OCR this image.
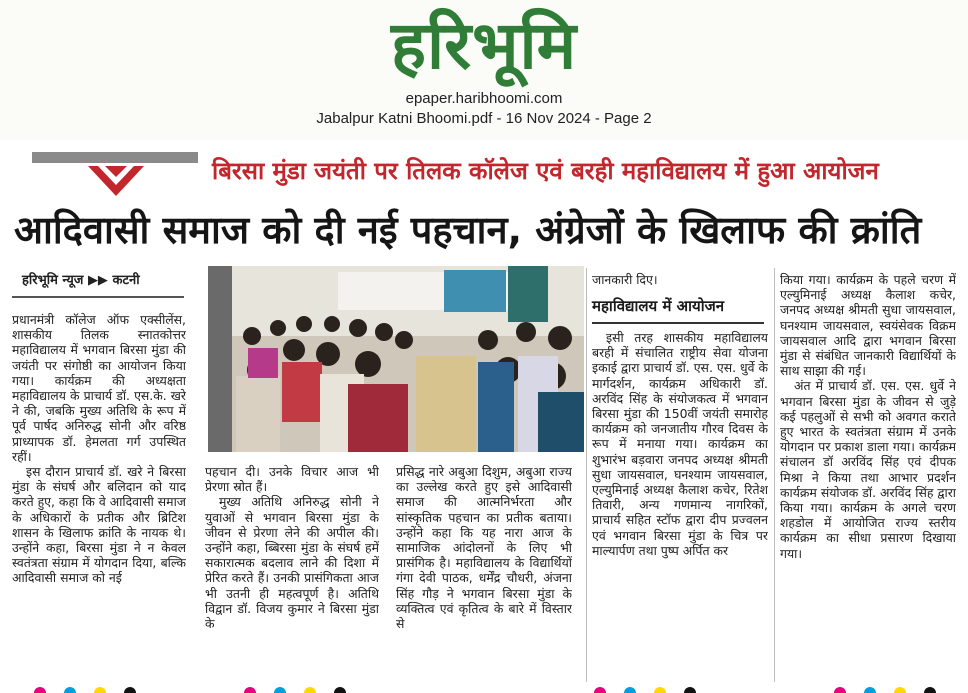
हरिभूमि
epaper.haribhoomi.com
Jabalpur Katni Bhoomi.pdf - 16 Nov 2024 - Page 2
बिरसा मुंडा जयंती पर तिलक कॉलेज एवं बरही महाविद्यालय में हुआ आयोजन
आदिवासी समाज को दी नई पहचान, अंग्रेजों के खिलाफ की क्रांति
हरिभूमि न्यूज ▶▶ कटनी

प्रधानमंत्री कॉलेज ऑफ एक्सीलेंस, शासकीय तिलक स्नातकोत्तर महाविद्यालय में भगवान बिरसा मुंडा की जयंती पर संगोष्ठी का आयोजन किया गया। कार्यक्रम की अध्यक्षता महाविद्यालय के प्राचार्य डॉ. एस.के. खरे ने की, जबकि मुख्य अतिथि के रूप में पूर्व पार्षद अनिरुद्ध सोनी और वरिष्ठ प्राध्यापक डॉ. हेमलता गर्ग उपस्थित रहीं।

इस दौरान प्राचार्य डॉ. खरे ने बिरसा मुंडा के संघर्ष और बलिदान को याद करते हुए, कहा कि वे आदिवासी समाज के अधिकारों के प्रतीक और ब्रिटिश शासन के खिलाफ क्रांति के नायक थे। उन्होंने कहा, बिरसा मुंडा ने न केवल स्वतंत्रता संग्राम में योगदान दिया, बल्कि आदिवासी समाज को नई

पहचान दी। उनके विचार आज भी प्रेरणा स्रोत हैं।

मुख्य अतिथि अनिरुद्ध सोनी ने युवाओं से भगवान बिरसा मुंडा के जीवन से प्रेरणा लेने की अपील की। उन्होंने कहा, ब्बिरसा मुंडा के संघर्ष हमें सकारात्मक बदलाव लाने की दिशा में प्रेरित करते हैं। उनकी प्रासंगिकता आज भी उतनी ही महत्वपूर्ण है। अतिथि विद्वान डॉ. विजय कुमार ने बिरसा मुंडा के

प्रसिद्ध नारे अबुआ दिशुम, अबुआ राज्य का उल्लेख करते हुए इसे आदिवासी समाज की आत्मनिर्भरता और सांस्कृतिक पहचान का प्रतीक बताया। उन्होंने कहा कि यह नारा आज के सामाजिक आंदोलनों के लिए भी प्रासंगिक है। महाविद्यालय के विद्यार्थियों गंगा देवी पाठक, धर्मेंद्र चौधरी, अंजना सिंह गौड़ ने भगवान बिरसा मुंडा के व्यक्तित्व एवं कृतित्व के बारे में विस्तार से

जानकारी दिए।

महाविद्यालय में आयोजन

इसी तरह शासकीय महाविद्यालय बरही में संचालित राष्ट्रीय सेवा योजना इकाई द्वारा प्राचार्य डॉ. एस. एस. धुर्वे के मार्गदर्शन, कार्यक्रम अधिकारी डॉ. अरविंद सिंह के संयोजकत्व में भगवान बिरसा मुंडा की 150वीं जयंती समारोह कार्यक्रम को जनजातीय गौरव दिवस के रूप में मनाया गया। कार्यक्रम का शुभारंभ बड़वारा जनपद अध्यक्ष श्रीमती सुधा जायसवाल, घनश्याम जायसवाल, एल्युमिनाई अध्यक्ष कैलाश कचेर, रितेश तिवारी, अन्य गणमान्य नागरिकों, प्राचार्य सहित स्टॉफ द्वारा दीप प्रज्वलन एवं भगवान बिरसा मुंडा के चित्र पर माल्यार्पण तथा पुष्प अर्पित कर

किया गया। कार्यक्रम के पहले चरण में एल्युमिनाई अध्यक्ष कैलाश कचेर, जनपद अध्यक्ष श्रीमती सुधा जायसवाल, घनश्याम जायसवाल, स्वयंसेवक विक्रम जायसवाल आदि द्वारा भगवान बिरसा मुंडा से संबंधित जानकारी विद्यार्थियों के साथ साझा की गई।

अंत में प्राचार्य डॉ. एस. एस. धुर्वे ने भगवान बिरसा मुंडा के जीवन से जुड़े कई पहलुओं से सभी को अवगत कराते हुए भारत के स्वतंत्रता संग्राम में उनके योगदान पर प्रकाश डाला गया। कार्यक्रम संचालन डॉ अरविंद सिंह एवं दीपक मिश्रा ने किया तथा आभार प्रदर्शन कार्यक्रम संयोजक डॉ. अरविंद सिंह द्वारा किया गया। कार्यक्रम के अगले चरण शहडोल में आयोजित राज्य स्तरीय कार्यक्रम का सीधा प्रसारण दिखाया गया।
